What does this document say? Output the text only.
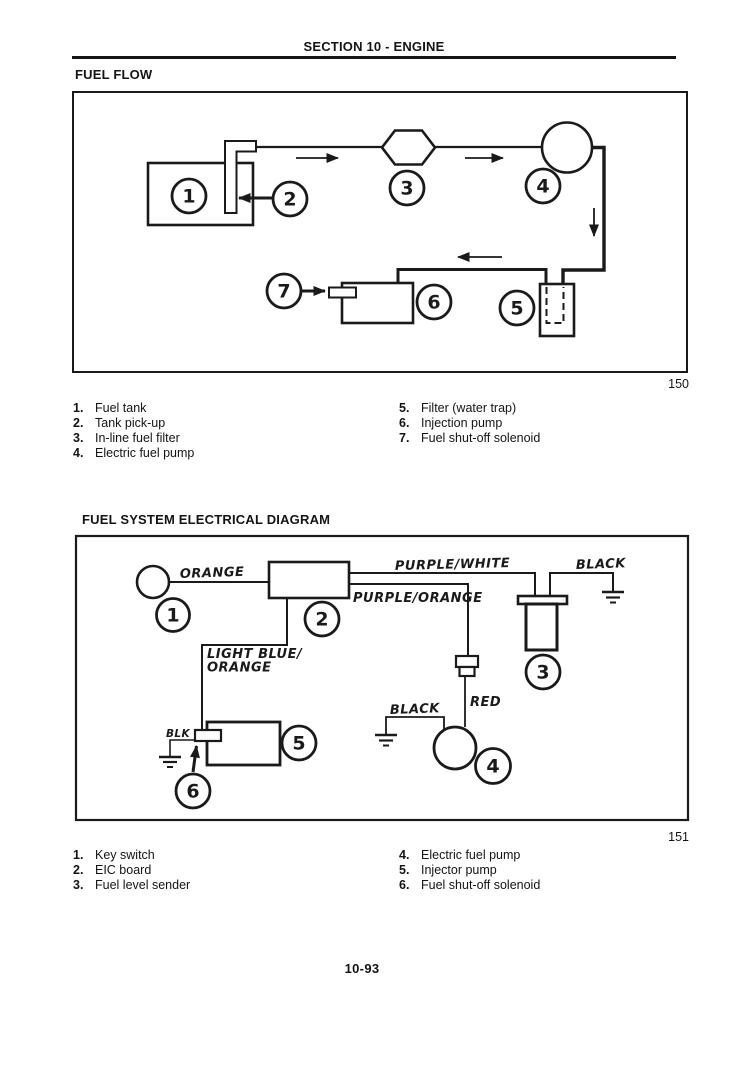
SECTION 10 - ENGINE
FUEL FLOW
1	2	3	4
5
6
7
150
1. Fuel tank
2. Tank pick-up
3. In-line fuel filter
4. Electric fuel pump
5. Filter (water trap)
6. Injection pump
7. Fuel shut-off solenoid
FUEL SYSTEM ELECTRICAL DIAGRAM
ORANGE	PURPLE/WHITE
PURPLE/ORANGE
LIGHT BLUE/
ORANGE
BLACK
RED
BLACK
BLK
1	2
3
4
5
6
151
1. Key switch
2. EIC board
3. Fuel level sender
4. Electric fuel pump
5. Injector pump
6. Fuel shut-off solenoid
10-93
